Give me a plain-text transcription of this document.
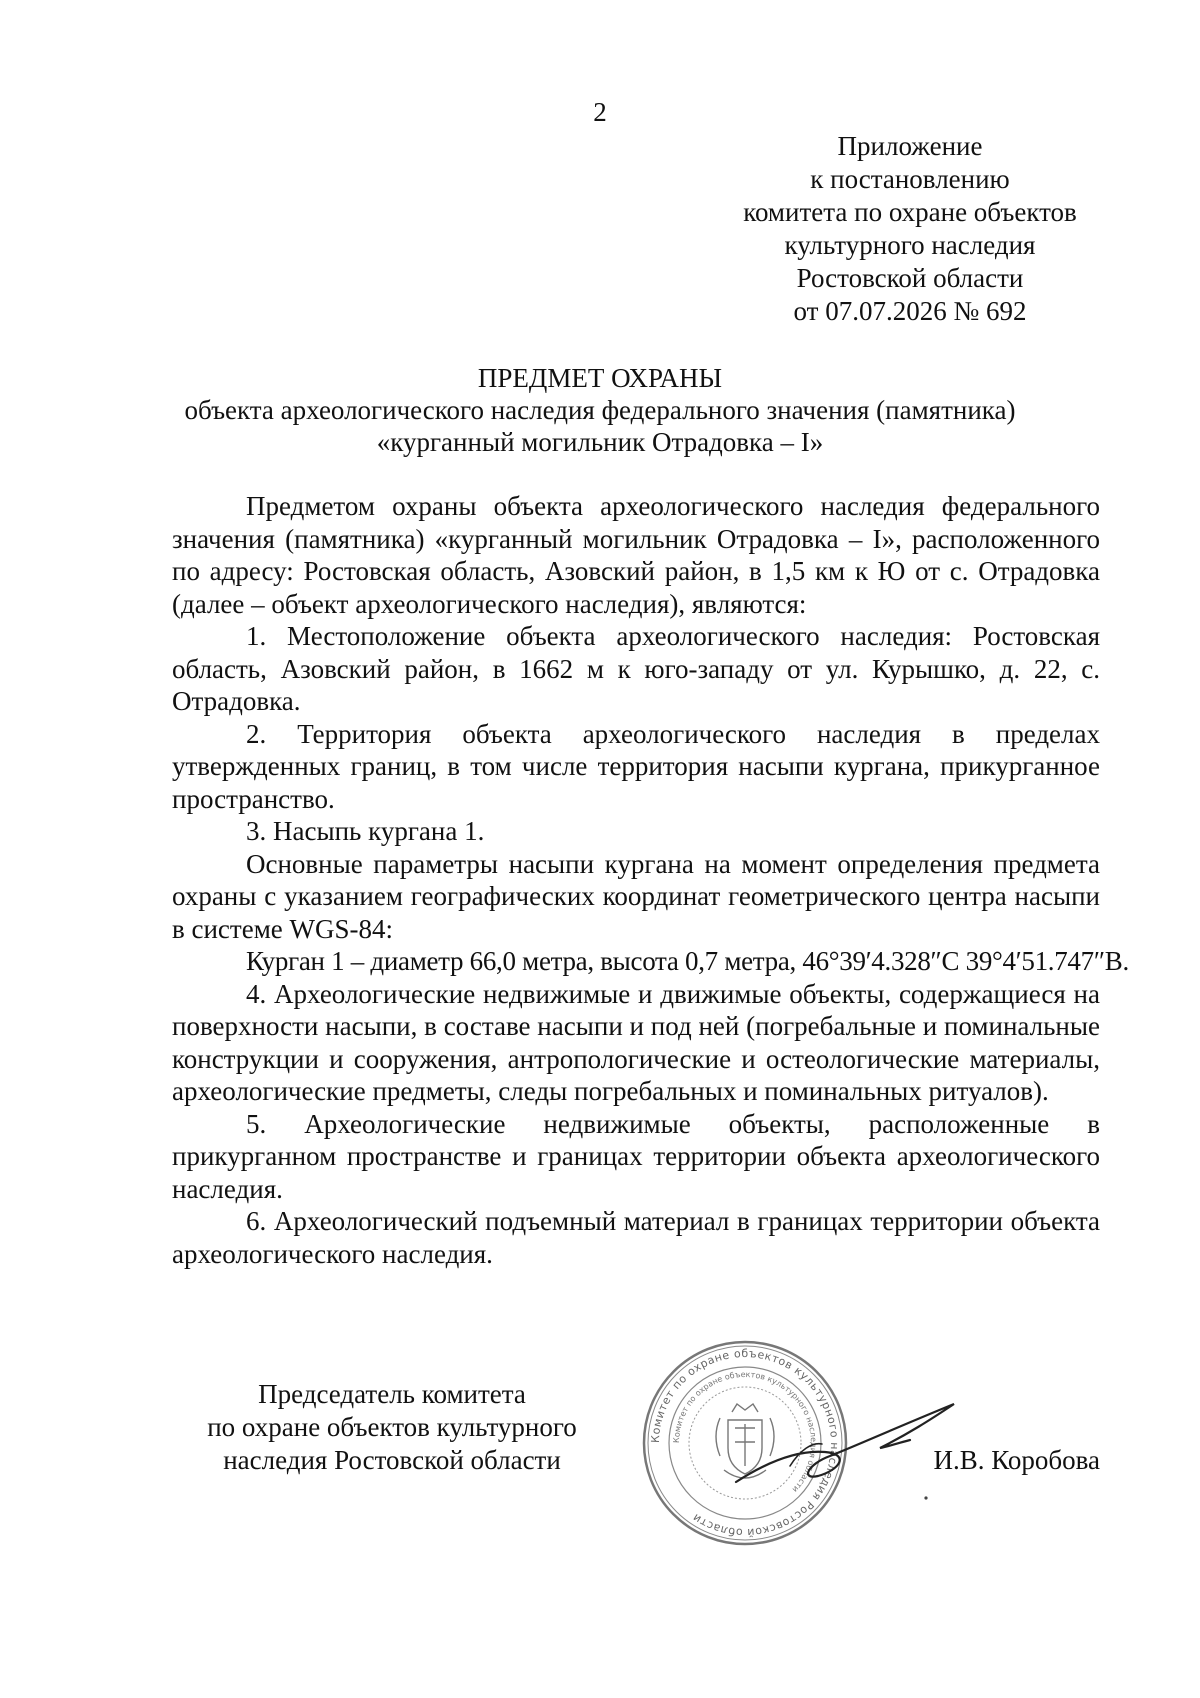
2
Приложение
к постановлению
комитета по охране объектов
культурного наследия
Ростовской области
от 07.07.2026 № 692
ПРЕДМЕТ ОХРАНЫ
объекта археологического наследия федерального значения (памятника)
«курганный могильник Отрадовка – I»

Предметом охраны объекта археологического наследия федерального значения (памятника) «курганный могильник Отрадовка – I», расположенного по адресу: Ростовская область, Азовский район, в 1,5 км к Ю от с. Отрадовка (далее – объект археологического наследия), являются:

1. Местоположение объекта археологического наследия: Ростовская область, Азовский район, в 1662 м к юго-западу от ул. Курышко, д. 22, с. Отрадовка.

2. Территория объекта археологического наследия в пределах утвержденных границ, в том числе территория насыпи кургана, прикурганное пространство.

3. Насыпь кургана 1.

Основные параметры насыпи кургана на момент определения предмета охраны с указанием географических координат геометрического центра насыпи в системе WGS-84:

Курган 1 – диаметр 66,0 метра, высота 0,7 метра, 46°39′4.328″С 39°4′51.747″В.

4. Археологические недвижимые и движимые объекты, содержащиеся на поверхности насыпи, в составе насыпи и под ней (погребальные и поминальные конструкции и сооружения, антропологические и остеологические материалы, археологические предметы, следы погребальных и поминальных ритуалов).

5. Археологические недвижимые объекты, расположенные в прикурганном пространстве и границах территории объекта археологического наследия.

6. Археологический подъемный материал в границах территории объекта археологического наследия.

Председатель комитета
по охране объектов культурного
наследия Ростовской области
Комитет по охране объектов культурного наследия Ростовской области
Комитет по охране объектов культурного наследия области
И.В. Коробова
